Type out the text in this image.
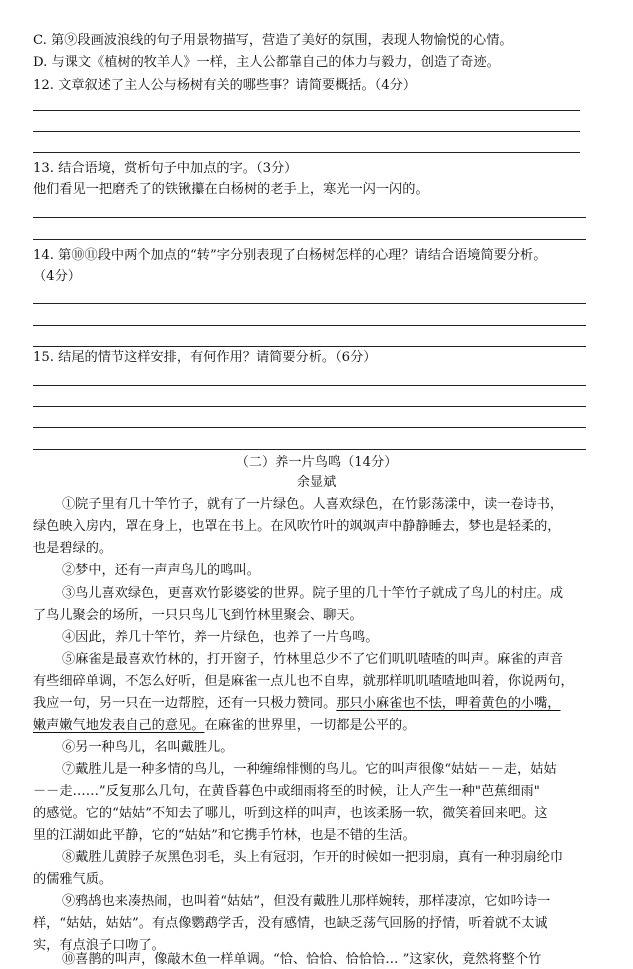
C. 第⑨段画波浪线的句子用景物描写，营造了美好的氛围，表现人物愉悦的心情。
D. 与课文《植树的牧羊人》一样，主人公都靠自己的体力与毅力，创造了奇迹。
12. 文章叙述了主人公与杨树有关的哪些事？请简要概括。（4分）
13. 结合语境，赏析句子中加点的字。（3分）
他们看见一把磨秃了的铁锹攥在白杨树的老手上，寒光一闪一闪的。
14. 第⑩⑪段中两个加点的“转”字分别表现了白杨树怎样的心理？请结合语境简要分析。
（4分）
15. 结尾的情节这样安排，有何作用？请简要分析。（6分）
（二）养一片鸟鸣（14分）
余显斌
①院子里有几十竿竹子，就有了一片绿色。人喜欢绿色，在竹影荡漾中，读一卷诗书，
绿色映入房内，罩在身上，也罩在书上。在风吹竹叶的飒飒声中静静睡去，梦也是轻柔的，
也是碧绿的。
②梦中，还有一声声鸟儿的鸣叫。
③鸟儿喜欢绿色，更喜欢竹影婆娑的世界。院子里的几十竿竹子就成了鸟儿的村庄。成
了鸟儿聚会的场所，一只只鸟儿飞到竹林里聚会、聊天。
④因此，养几十竿竹，养一片绿色，也养了一片鸟鸣。
⑤麻雀是最喜欢竹林的，打开窗子，竹林里总少不了它们叽叽喳喳的叫声。麻雀的声音
有些细碎单调，不怎么好听，但是麻雀一点儿也不自卑，就那样叽叽喳喳地叫着，你说两句，
我应一句，另一只在一边帮腔，还有一只极力赞同。那只小麻雀也不怯，呷着黄色的小嘴，
嫩声嫩气地发表自己的意见。在麻雀的世界里，一切都是公平的。
⑥另一种鸟儿，名叫戴胜儿。
⑦戴胜儿是一种多情的鸟儿，一种缠绵悱恻的鸟儿。它的叫声很像“姑姑－－走，姑姑
－－走……”反复那么几句，在黄昏暮色中或细雨将至的时候，让人产生一种"芭蕉细雨"
的感觉。它的“姑姑”不知去了哪儿，听到这样的叫声，也该柔肠一软，微笑着回来吧。这
里的江湖如此平静，它的“姑姑”和它携手竹林，也是不错的生活。
⑧戴胜儿黄脖子灰黑色羽毛，头上有冠羽，乍开的时候如一把羽扇，真有一种羽扇纶巾
的儒雅气质。
⑨鸦鸪也来凑热闹，也叫着“姑姑”，但没有戴胜儿那样婉转，那样凄凉，它如吟诗一
样，“姑姑，姑姑”。有点像鹦鹉学舌，没有感情，也缺乏荡气回肠的抒情，听着就不太诚
实，有点浪子口吻了。
⑩喜鹊的叫声，像敲木鱼一样单调。“恰、恰恰、恰恰恰… ”这家伙，竟然将整个竹
